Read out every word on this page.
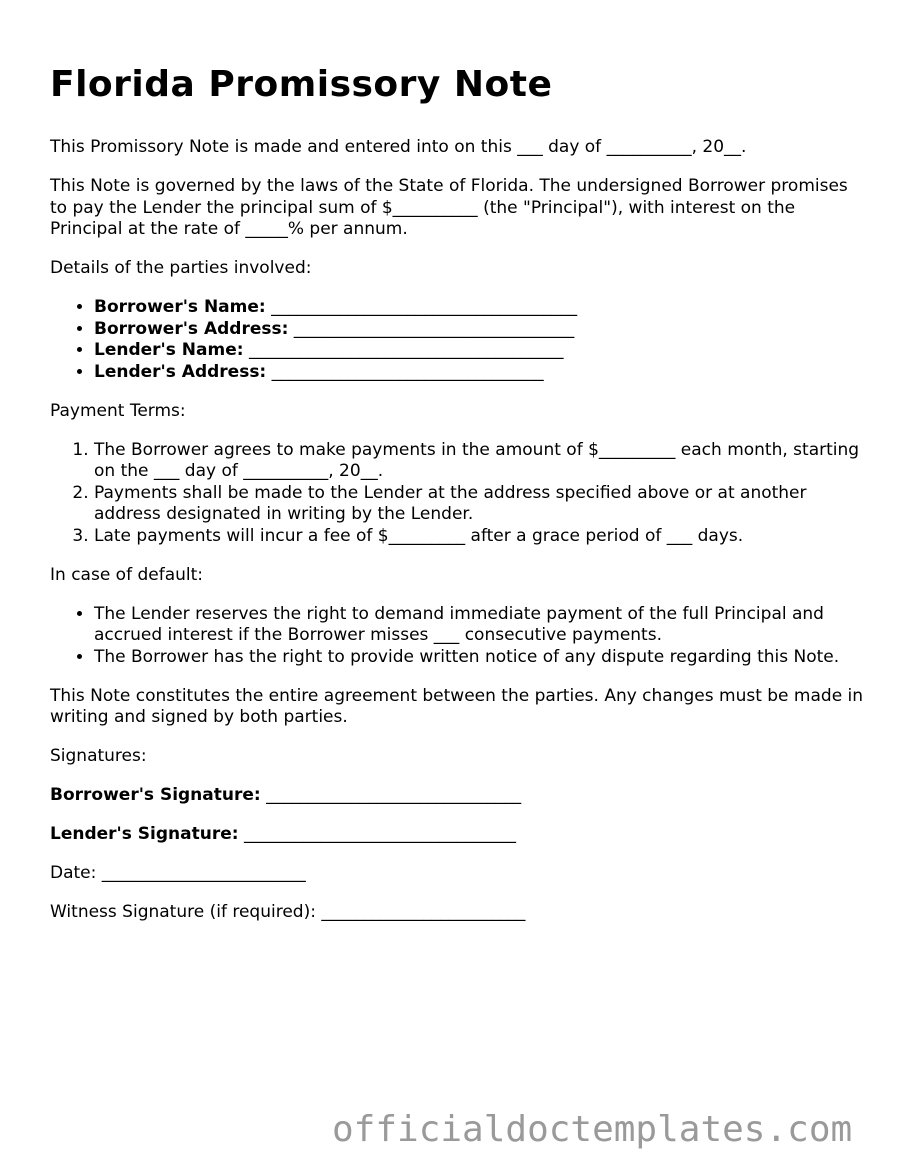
Florida Promissory Note

This Promissory Note is made and entered into on this ___ day of __________, 20__.

This Note is governed by the laws of the State of Florida. The undersigned Borrower promises to pay the Lender the principal sum of $__________ (the "Principal"), with interest on the Principal at the rate of _____% per annum.

Details of the parties involved:

• Borrower's Name: ____________________________________
• Borrower's Address: _________________________________
• Lender's Name: _____________________________________
• Lender's Address: ________________________________

Payment Terms:

1. The Borrower agrees to make payments in the amount of $_________ each month, starting on the ___ day of __________, 20__.
2. Payments shall be made to the Lender at the address specified above or at another address designated in writing by the Lender.
3. Late payments will incur a fee of $_________ after a grace period of ___ days.

In case of default:

• The Lender reserves the right to demand immediate payment of the full Principal and accrued interest if the Borrower misses ___ consecutive payments.
• The Borrower has the right to provide written notice of any dispute regarding this Note.

This Note constitutes the entire agreement between the parties. Any changes must be made in writing and signed by both parties.

Signatures:

Borrower's Signature: ______________________________

Lender's Signature: ________________________________

Date: ________________________

Witness Signature (if required): ________________________

officialdoctemplates.com
